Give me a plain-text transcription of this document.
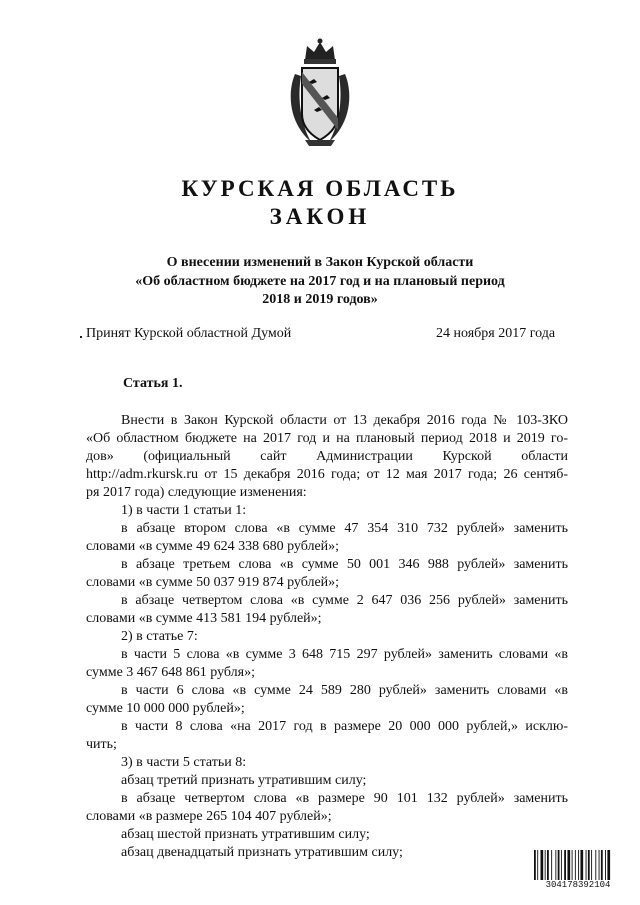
КУРСКАЯ ОБЛАСТЬ
ЗАКОН
О внесении изменений в Закон Курской области
«Об областном бюджете на 2017 год и на плановый период
2018 и 2019 годов»
Принят Курской областной Думой	24 ноября 2017 года
Статья 1.
Внести в Закон Курской области от 13 декабря 2016 года № 103-ЗКО
«Об областном бюджете на 2017 год и на плановый период 2018 и 2019 го-
дов» (официальный сайт Администрации Курской области
http://adm.rkursk.ru от 15 декабря 2016 года; от 12 мая 2017 года; 26 сентяб-
ря 2017 года) следующие изменения:
1) в части 1 статьи 1:
в абзаце втором слова «в сумме 47 354 310 732 рублей» заменить
словами «в сумме 49 624 338 680 рублей»;
в абзаце третьем слова «в сумме 50 001 346 988 рублей» заменить
словами «в сумме 50 037 919 874 рублей»;
в абзаце четвертом слова «в сумме 2 647 036 256 рублей» заменить
словами «в сумме 413 581 194 рублей»;
2) в статье 7:
в части 5 слова «в сумме 3 648 715 297 рублей» заменить словами «в
сумме 3 467 648 861 рубля»;
в части 6 слова «в сумме 24 589 280 рублей» заменить словами «в
сумме 10 000 000 рублей»;
в части 8 слова «на 2017 год в размере 20 000 000 рублей,» исклю-
чить;
3) в части 5 статьи 8:
абзац третий признать утратившим силу;
в абзаце четвертом слова «в размере 90 101 132 рублей» заменить
словами «в размере 265 104 407 рублей»;
абзац шестой признать утратившим силу;
абзац двенадцатый признать утратившим силу;
304178392104
